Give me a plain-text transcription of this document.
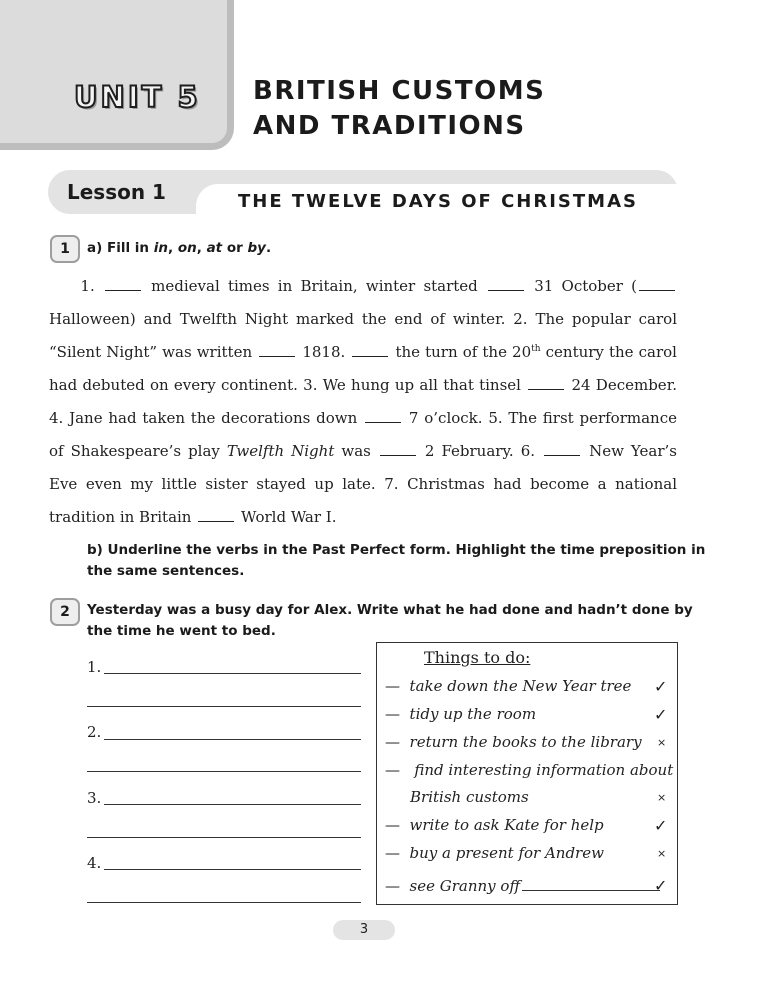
UNIT 5 BRITISH CUSTOMS
AND TRADITIONS
Lesson 1	THE TWELVE DAYS OF CHRISTMAS
1	a) Fill in in, on, at or by.
   1.	medieval times in Britain, winter started	31 October ( Halloween) and Twelfth Night marked the end of winter. 2. The popular carol “Silent Night” was written	1818.	the turn of the 20th century the carol had debuted on every continent. 3. We hung up all that tinsel	24 December. 4. Jane had taken the decorations down	7 o’clock. 5. The first performance of Shakespeare’s play Twelfth Night was	2 February. 6.	New Year’s Eve even my little sister stayed up late. 7. Christmas had become a national tradition in Britain	World War I.
b) Underline the verbs in the Past Perfect form. Highlight the time preposition in
the same sentences.
2	Yesterday was a busy day for Alex. Write what he had done and hadn’t done by
the time he went to bed.
1.
2.
3.
4.
Things to do:
— take down the New Year tree ✓
— tidy up the room	✓
— return the books to the library ×
— find interesting information about
British customs	×
— write to ask Kate for help	✓
— buy a present for Andrew	×
— see Granny off	✓
3
